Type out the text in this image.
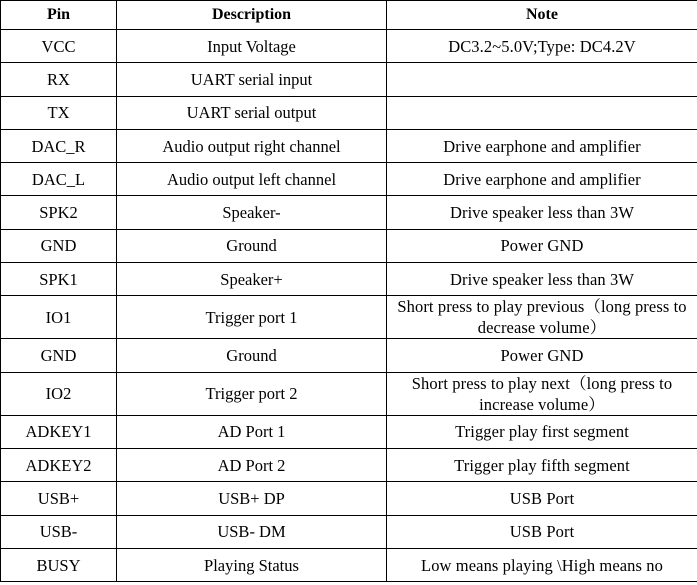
Pin	Description	Note
VCC	Input Voltage	DC3.2~5.0V;Type: DC4.2V
RX	UART serial input	
TX	UART serial output	
DAC_R	Audio output right channel	Drive earphone and amplifier
DAC_L	Audio output left channel	Drive earphone and amplifier
SPK2	Speaker-	Drive speaker less than 3W
GND	Ground	Power GND
SPK1	Speaker+	Drive speaker less than 3W
IO1	Trigger port 1	Short press to play previous（long press to decrease volume）
GND	Ground	Power GND
IO2	Trigger port 2	Short press to play next（long press to increase volume）
ADKEY1	AD Port 1	Trigger play first segment
ADKEY2	AD Port 2	Trigger play fifth segment
USB+	USB+ DP	USB Port
USB-	USB- DM	USB Port
BUSY	Playing Status	Low means playing \High means no
